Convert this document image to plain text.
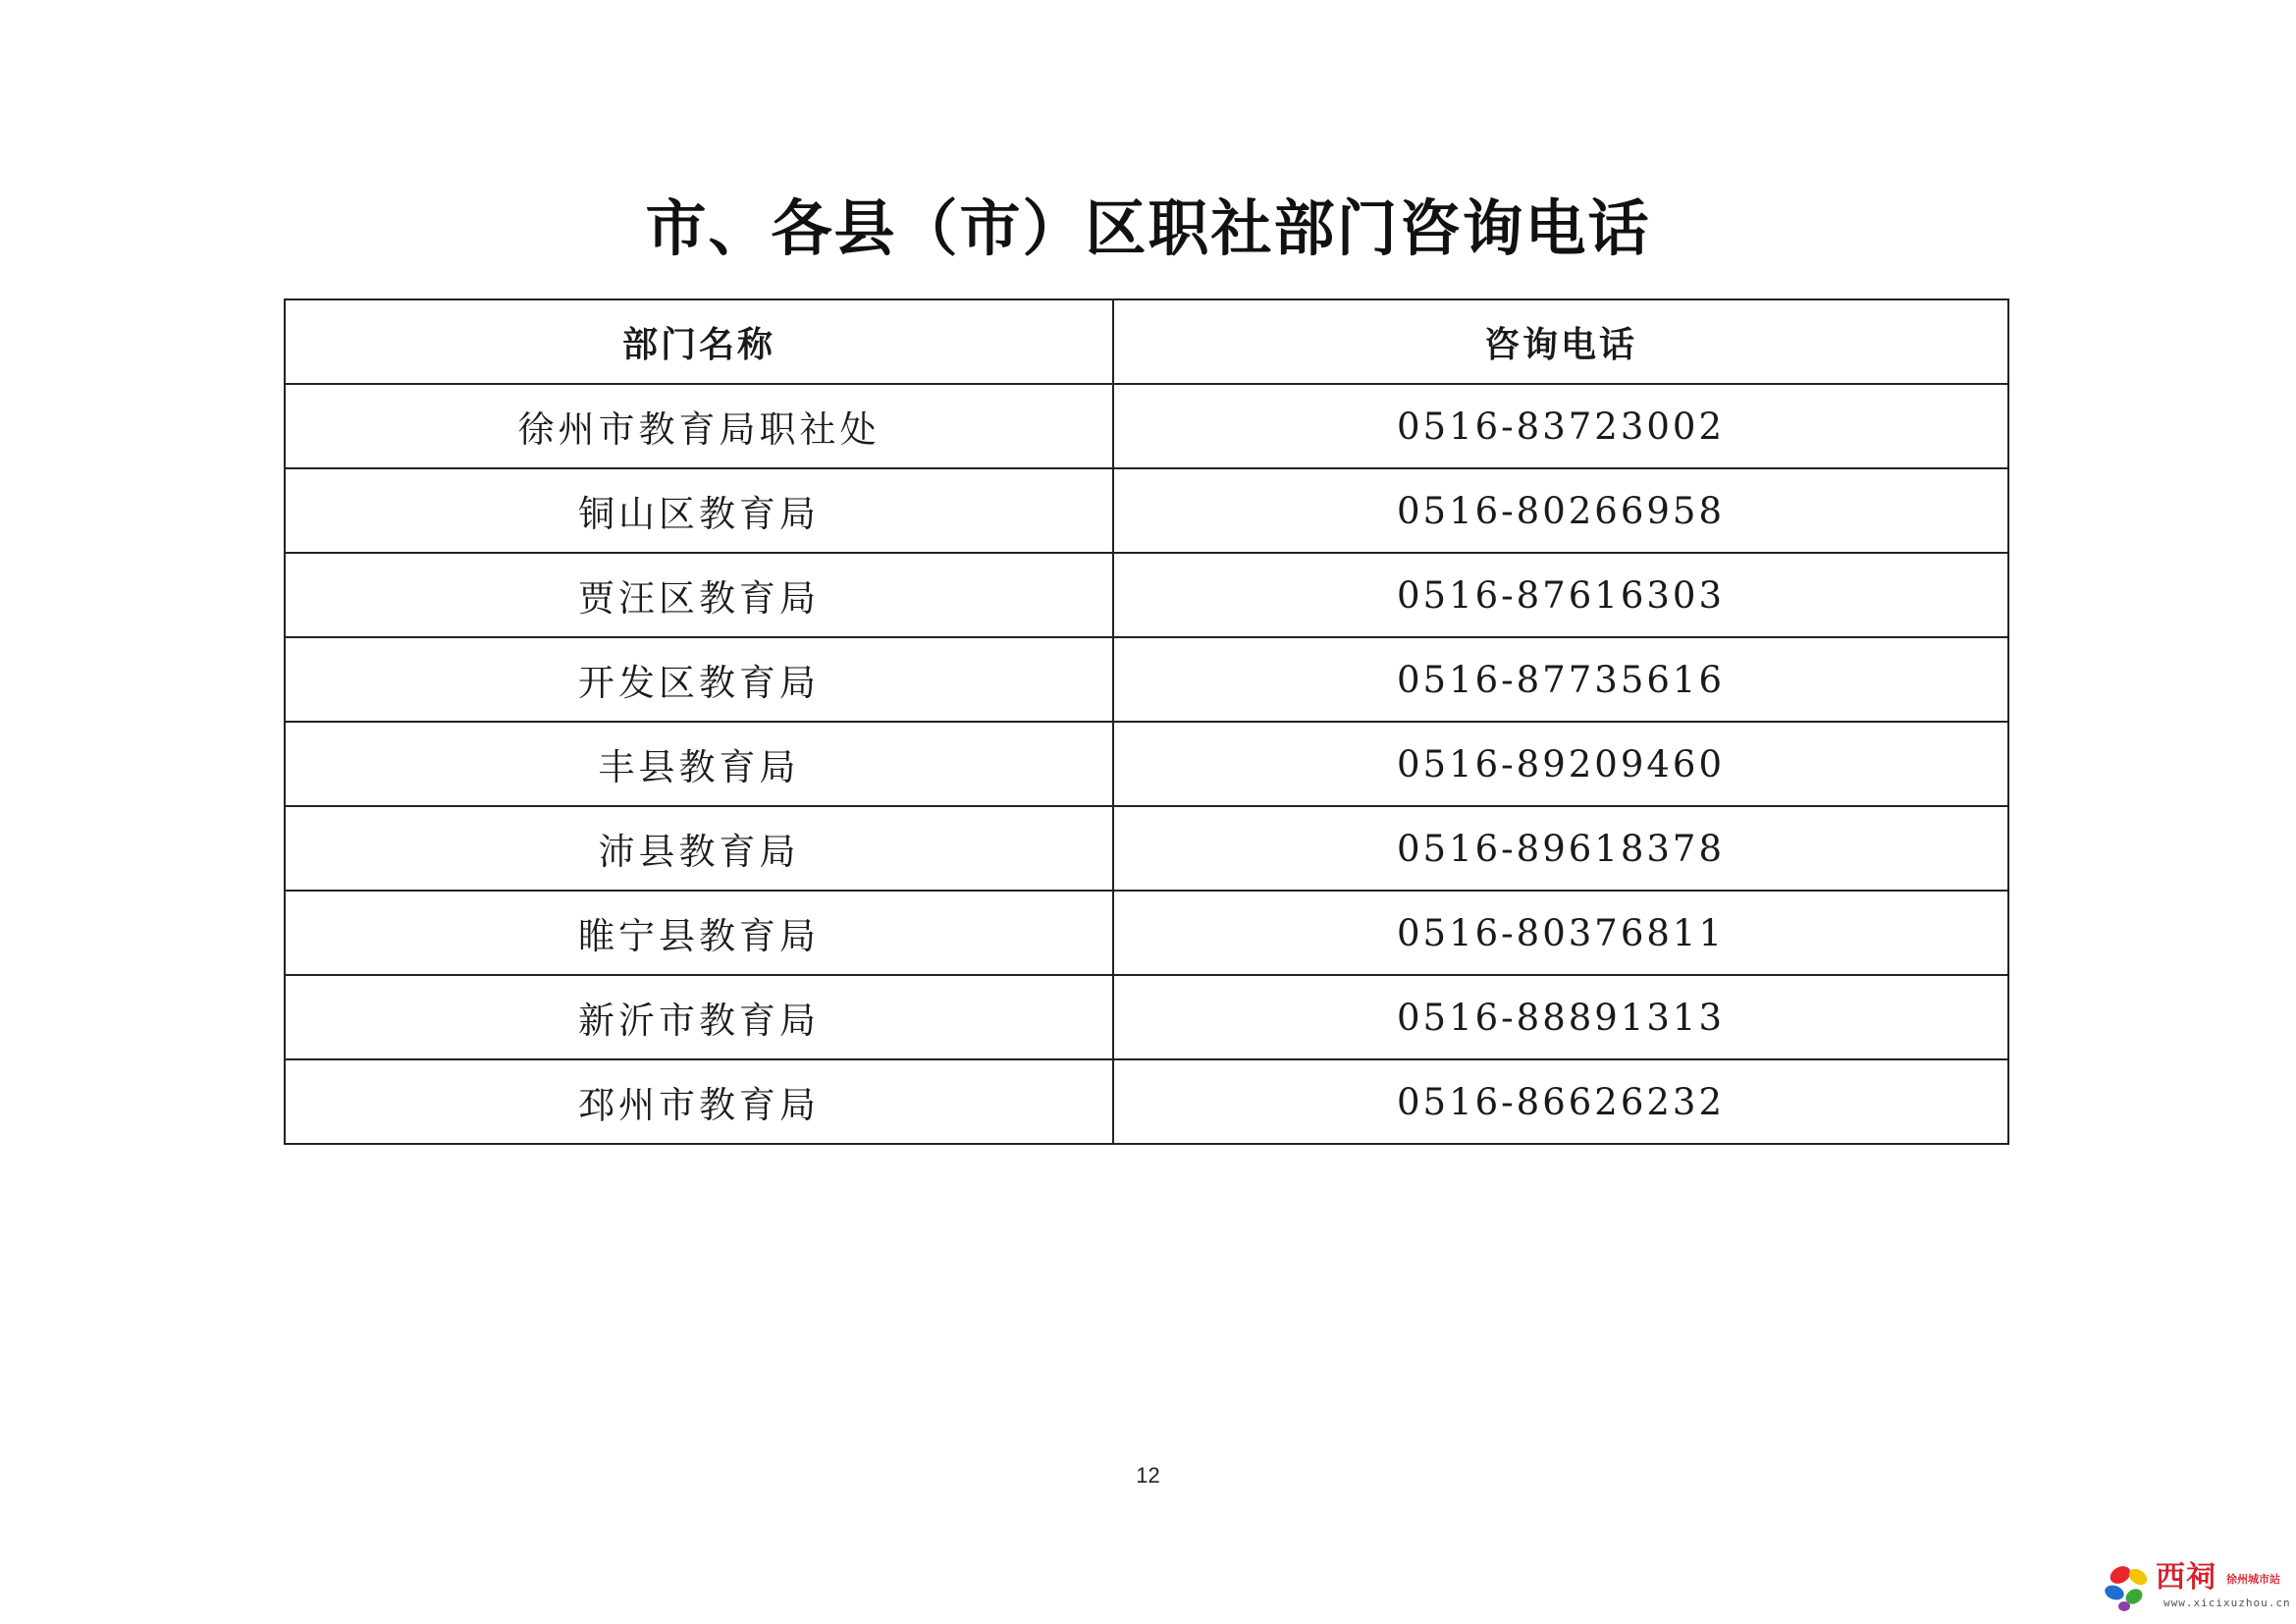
市、各县（市）区职社部门咨询电话
部门名称	咨询电话
徐州市教育局职社处	0516-83723002
铜山区教育局	0516-80266958
贾汪区教育局	0516-87616303
开发区教育局	0516-87735616
丰县教育局	0516-89209460
沛县教育局	0516-89618378
睢宁县教育局	0516-80376811
新沂市教育局	0516-88891313
邳州市教育局	0516-86626232
12
西祠 徐州城市站
www.xicixuzhou.cn
